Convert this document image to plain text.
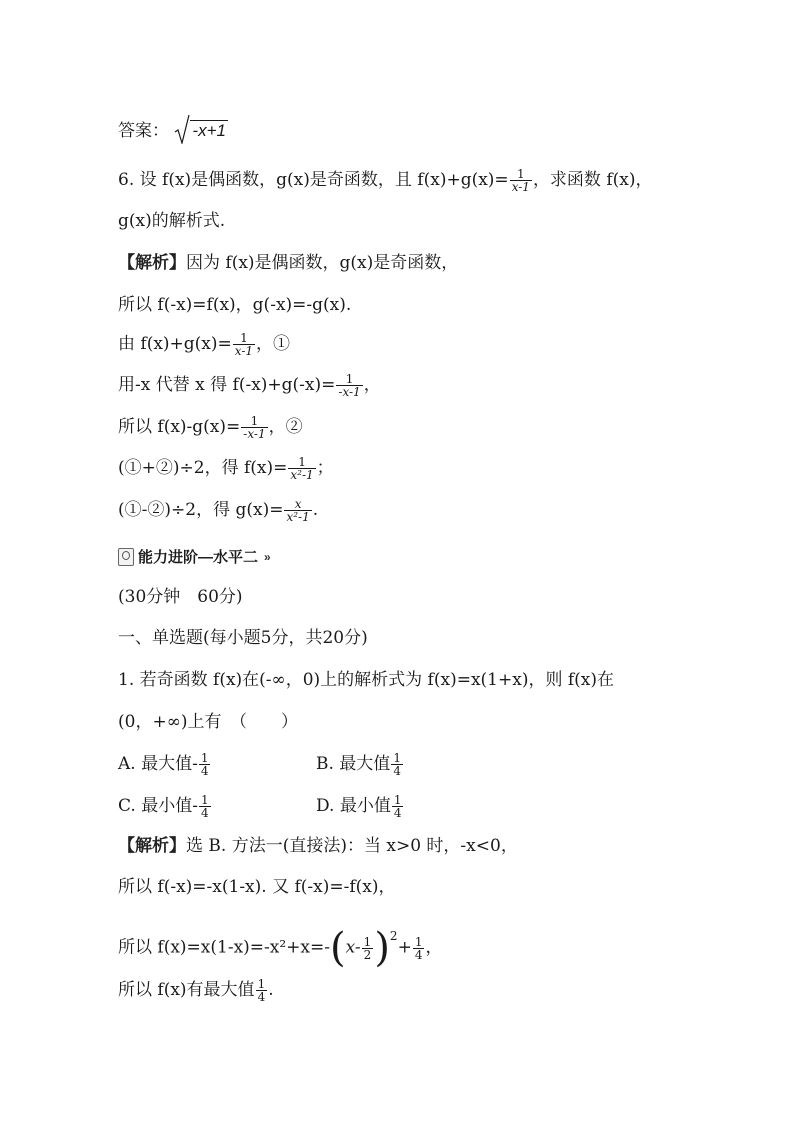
答案： -x+1
6. 设 f(x)是偶函数，g(x)是奇函数，且 $f(x)+g(x)= \frac{1}{x-1}$ ，求函数 f(x)，
g(x)的解析式.
【解析】因为 f(x)是偶函数，g(x)是奇函数，
所以 f(-x)=f(x)，g(-x)=-g(x).
由 $f(x)+g(x)= \frac{1}{x-1}$ ，①
用-x 代替 x 得 $f(-x)+g(-x)= \frac{1}{-x-1}$ ，
所以 $f(x)-g(x)= \frac{1}{-x-1}$ ，②
(①+②)÷2，得 $f(x)= \frac{1}{\text{x²-1}}$ ；
(①-②)÷2，得 $g(x)= \frac{x}{\text{x²-1}}$ .
能力进阶—水平二 »
(30分钟　60分)
一、单选题(每小题5分，共20分)
1. 若奇函数 f(x)在(-∞，0)上的解析式为 f(x)=x(1+x)，则 f(x)在
(0，+∞)上有　（　　）
A. 最大值- $\frac{1}{4}$	B. 最大值 $\frac{1}{4}$
C. 最小值- $\frac{1}{4}$	D. 最小值 $\frac{1}{4}$
【解析】选 B. 方法一(直接法)：当 x>0 时，-x<0，
所以 f(-x)=-x(1-x). 又 f(-x)=-f(x)，
所以 $f(x)=x(1-x)=-x^2+x=-(x- \frac{1}{2} )^2+ \frac{1}{4}$ ，
所以 f(x)有最大值 $\frac{1}{4}$ .
